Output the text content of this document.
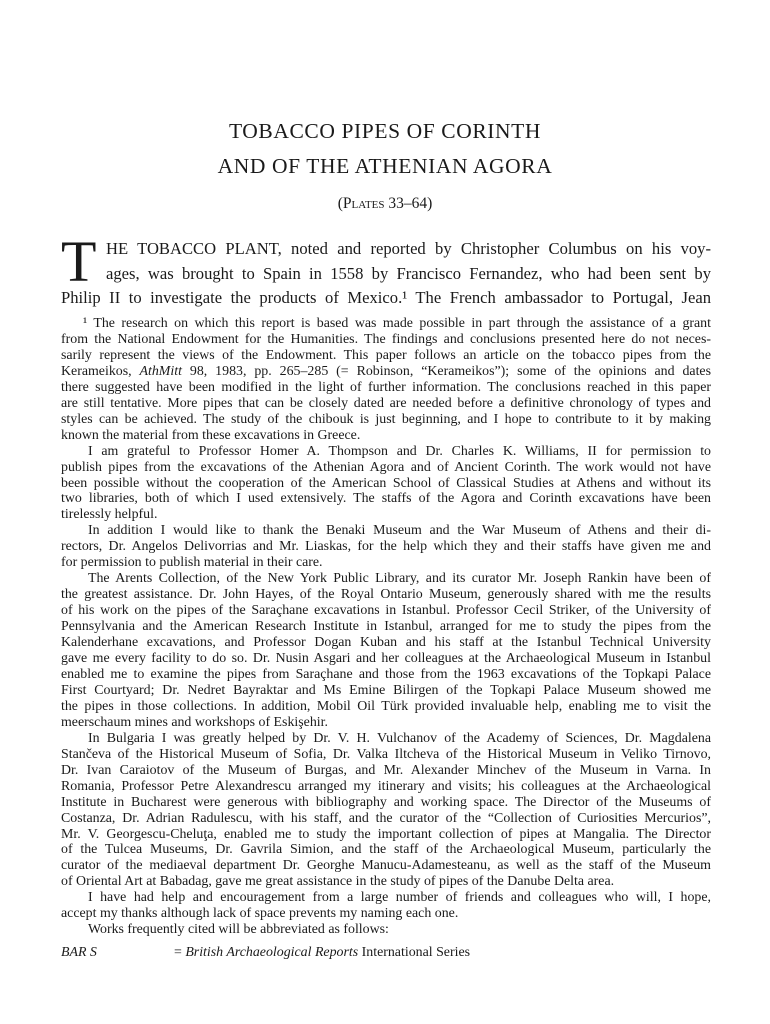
TOBACCO PIPES OF CORINTH
AND OF THE ATHENIAN AGORA
(Plates 33–64)
T HE TOBACCO PLANT, noted and reported by Christopher Columbus on his voy-
ages, was brought to Spain in 1558 by Francisco Fernandez, who had been sent by
Philip II to investigate the products of Mexico.¹ The French ambassador to Portugal, Jean
¹ The research on which this report is based was made possible in part through the assistance of a grant
from the National Endowment for the Humanities. The findings and conclusions presented here do not neces-
sarily represent the views of the Endowment. This paper follows an article on the tobacco pipes from the
Kerameikos, AthMitt 98, 1983, pp. 265–285 (= Robinson, “Kerameikos”); some of the opinions and dates
there suggested have been modified in the light of further information. The conclusions reached in this paper
are still tentative. More pipes that can be closely dated are needed before a definitive chronology of types and
styles can be achieved. The study of the chibouk is just beginning, and I hope to contribute to it by making
known the material from these excavations in Greece.
I am grateful to Professor Homer A. Thompson and Dr. Charles K. Williams, II for permission to
publish pipes from the excavations of the Athenian Agora and of Ancient Corinth. The work would not have
been possible without the cooperation of the American School of Classical Studies at Athens and without its
two libraries, both of which I used extensively. The staffs of the Agora and Corinth excavations have been
tirelessly helpful.
In addition I would like to thank the Benaki Museum and the War Museum of Athens and their di-
rectors, Dr. Angelos Delivorrias and Mr. Liaskas, for the help which they and their staffs have given me and
for permission to publish material in their care.
The Arents Collection, of the New York Public Library, and its curator Mr. Joseph Rankin have been of
the greatest assistance. Dr. John Hayes, of the Royal Ontario Museum, generously shared with me the results
of his work on the pipes of the Saraçhane excavations in Istanbul. Professor Cecil Striker, of the University of
Pennsylvania and the American Research Institute in Istanbul, arranged for me to study the pipes from the
Kalenderhane excavations, and Professor Dogan Kuban and his staff at the Istanbul Technical University
gave me every facility to do so. Dr. Nusin Asgari and her colleagues at the Archaeological Museum in Istanbul
enabled me to examine the pipes from Saraçhane and those from the 1963 excavations of the Topkapi Palace
First Courtyard; Dr. Nedret Bayraktar and Ms Emine Bilirgen of the Topkapi Palace Museum showed me
the pipes in those collections. In addition, Mobil Oil Türk provided invaluable help, enabling me to visit the
meerschaum mines and workshops of Eskişehir.
In Bulgaria I was greatly helped by Dr. V. H. Vulchanov of the Academy of Sciences, Dr. Magdalena
Stančeva of the Historical Museum of Sofia, Dr. Valka Iltcheva of the Historical Museum in Veliko Tirnovo,
Dr. Ivan Caraiotov of the Museum of Burgas, and Mr. Alexander Minchev of the Museum in Varna. In
Romania, Professor Petre Alexandrescu arranged my itinerary and visits; his colleagues at the Archaeological
Institute in Bucharest were generous with bibliography and working space. The Director of the Museums of
Costanza, Dr. Adrian Radulescu, with his staff, and the curator of the “Collection of Curiosities Mercurios”,
Mr. V. Georgescu-Cheluţa, enabled me to study the important collection of pipes at Mangalia. The Director
of the Tulcea Museums, Dr. Gavrila Simion, and the staff of the Archaeological Museum, particularly the
curator of the mediaeval department Dr. Georghe Manucu-Adamesteanu, as well as the staff of the Museum
of Oriental Art at Babadag, gave me great assistance in the study of pipes of the Danube Delta area.
I have had help and encouragement from a large number of friends and colleagues who will, I hope,
accept my thanks although lack of space prevents my naming each one.
Works frequently cited will be abbreviated as follows:
BAR S	= British Archaeological Reports International Series
